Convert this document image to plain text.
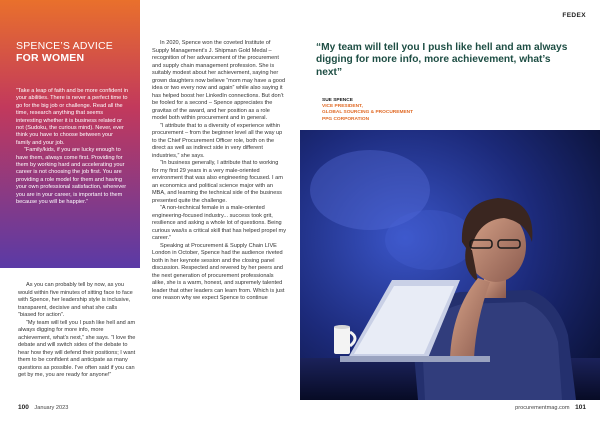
SPENCE’S ADVICE
FOR WOMEN

“Take a leap of faith and be more confident in your abilities. There is never a perfect time to go for the big job or challenge. Read all the time, research anything that seems interesting whether it is business related or not (Sudoku, the curious mind). Never, ever think you have to choose between your family and your job.

“Family/kids, if you are lucky enough to have them, always come first. Providing for them by working hard and accelerating your career is not choosing the job first. You are providing a role model for them and having your own professional satisfaction, wherever you are in your career, is important to them because you will be happier.”

As you can probably tell by now, as you would within five minutes of sitting face to face with Spence, her leadership style is inclusive, transparent, decisive and what she calls “biased for action”.

“My team will tell you I push like hell and am always digging for more info, more achievement, what’s next,” she says. “I love the debate and will switch sides of the debate to hear how they will defend their positions; I want them to be confident and anticipate as many questions as possible. I’ve often said if you can get by me, you are ready for anyone!”

In 2020, Spence won the coveted Institute of Supply Management’s J. Shipman Gold Medal – recognition of her advancement of the procurement and supply chain management profession. She is suitably modest about her achievement, saying her grown daughters now believe “mom may have a good idea or two every now and again” while also saying it has helped boost her LinkedIn connections. But don’t be fooled for a second – Spence appreciates the gravitas of the award, and her position as a role model both within procurement and in general.

“I attribute that to a diversity of experience within procurement – from the beginner level all the way up to the Chief Procurement Officer role, both on the direct as well as indirect side in very different industries,” she says.

“In business generally, I attribute that to working for my first 29 years in a very male-oriented environment that was also engineering focused. I am an economics and political science major with an MBA, and learning the technical side of the business presented quite the challenge.

“A non-technical female in a male-oriented engineering-focused industry... success took grit, resilience and asking a whole lot of questions. Being curious was/is a critical skill that has helped propel my career.”

Speaking at Procurement & Supply Chain LIVE London in October, Spence had the audience riveted both in her keynote session and the closing panel discussion. Respected and revered by her peers and the next generation of procurement professionals alike, she is a warm, honest, and supremely talented leader that other leaders can learn from. Which is just one reason why we expect Spence to continue

FEDEX
“My team will tell you I push like hell and am always digging for more info, more achievement, what’s next”
SUE SPENCE
VICE PRESIDENT,
GLOBAL SOURCING & PROCUREMENT
PPG CORPORATION
100 January 2023	procurementmag.com 101
